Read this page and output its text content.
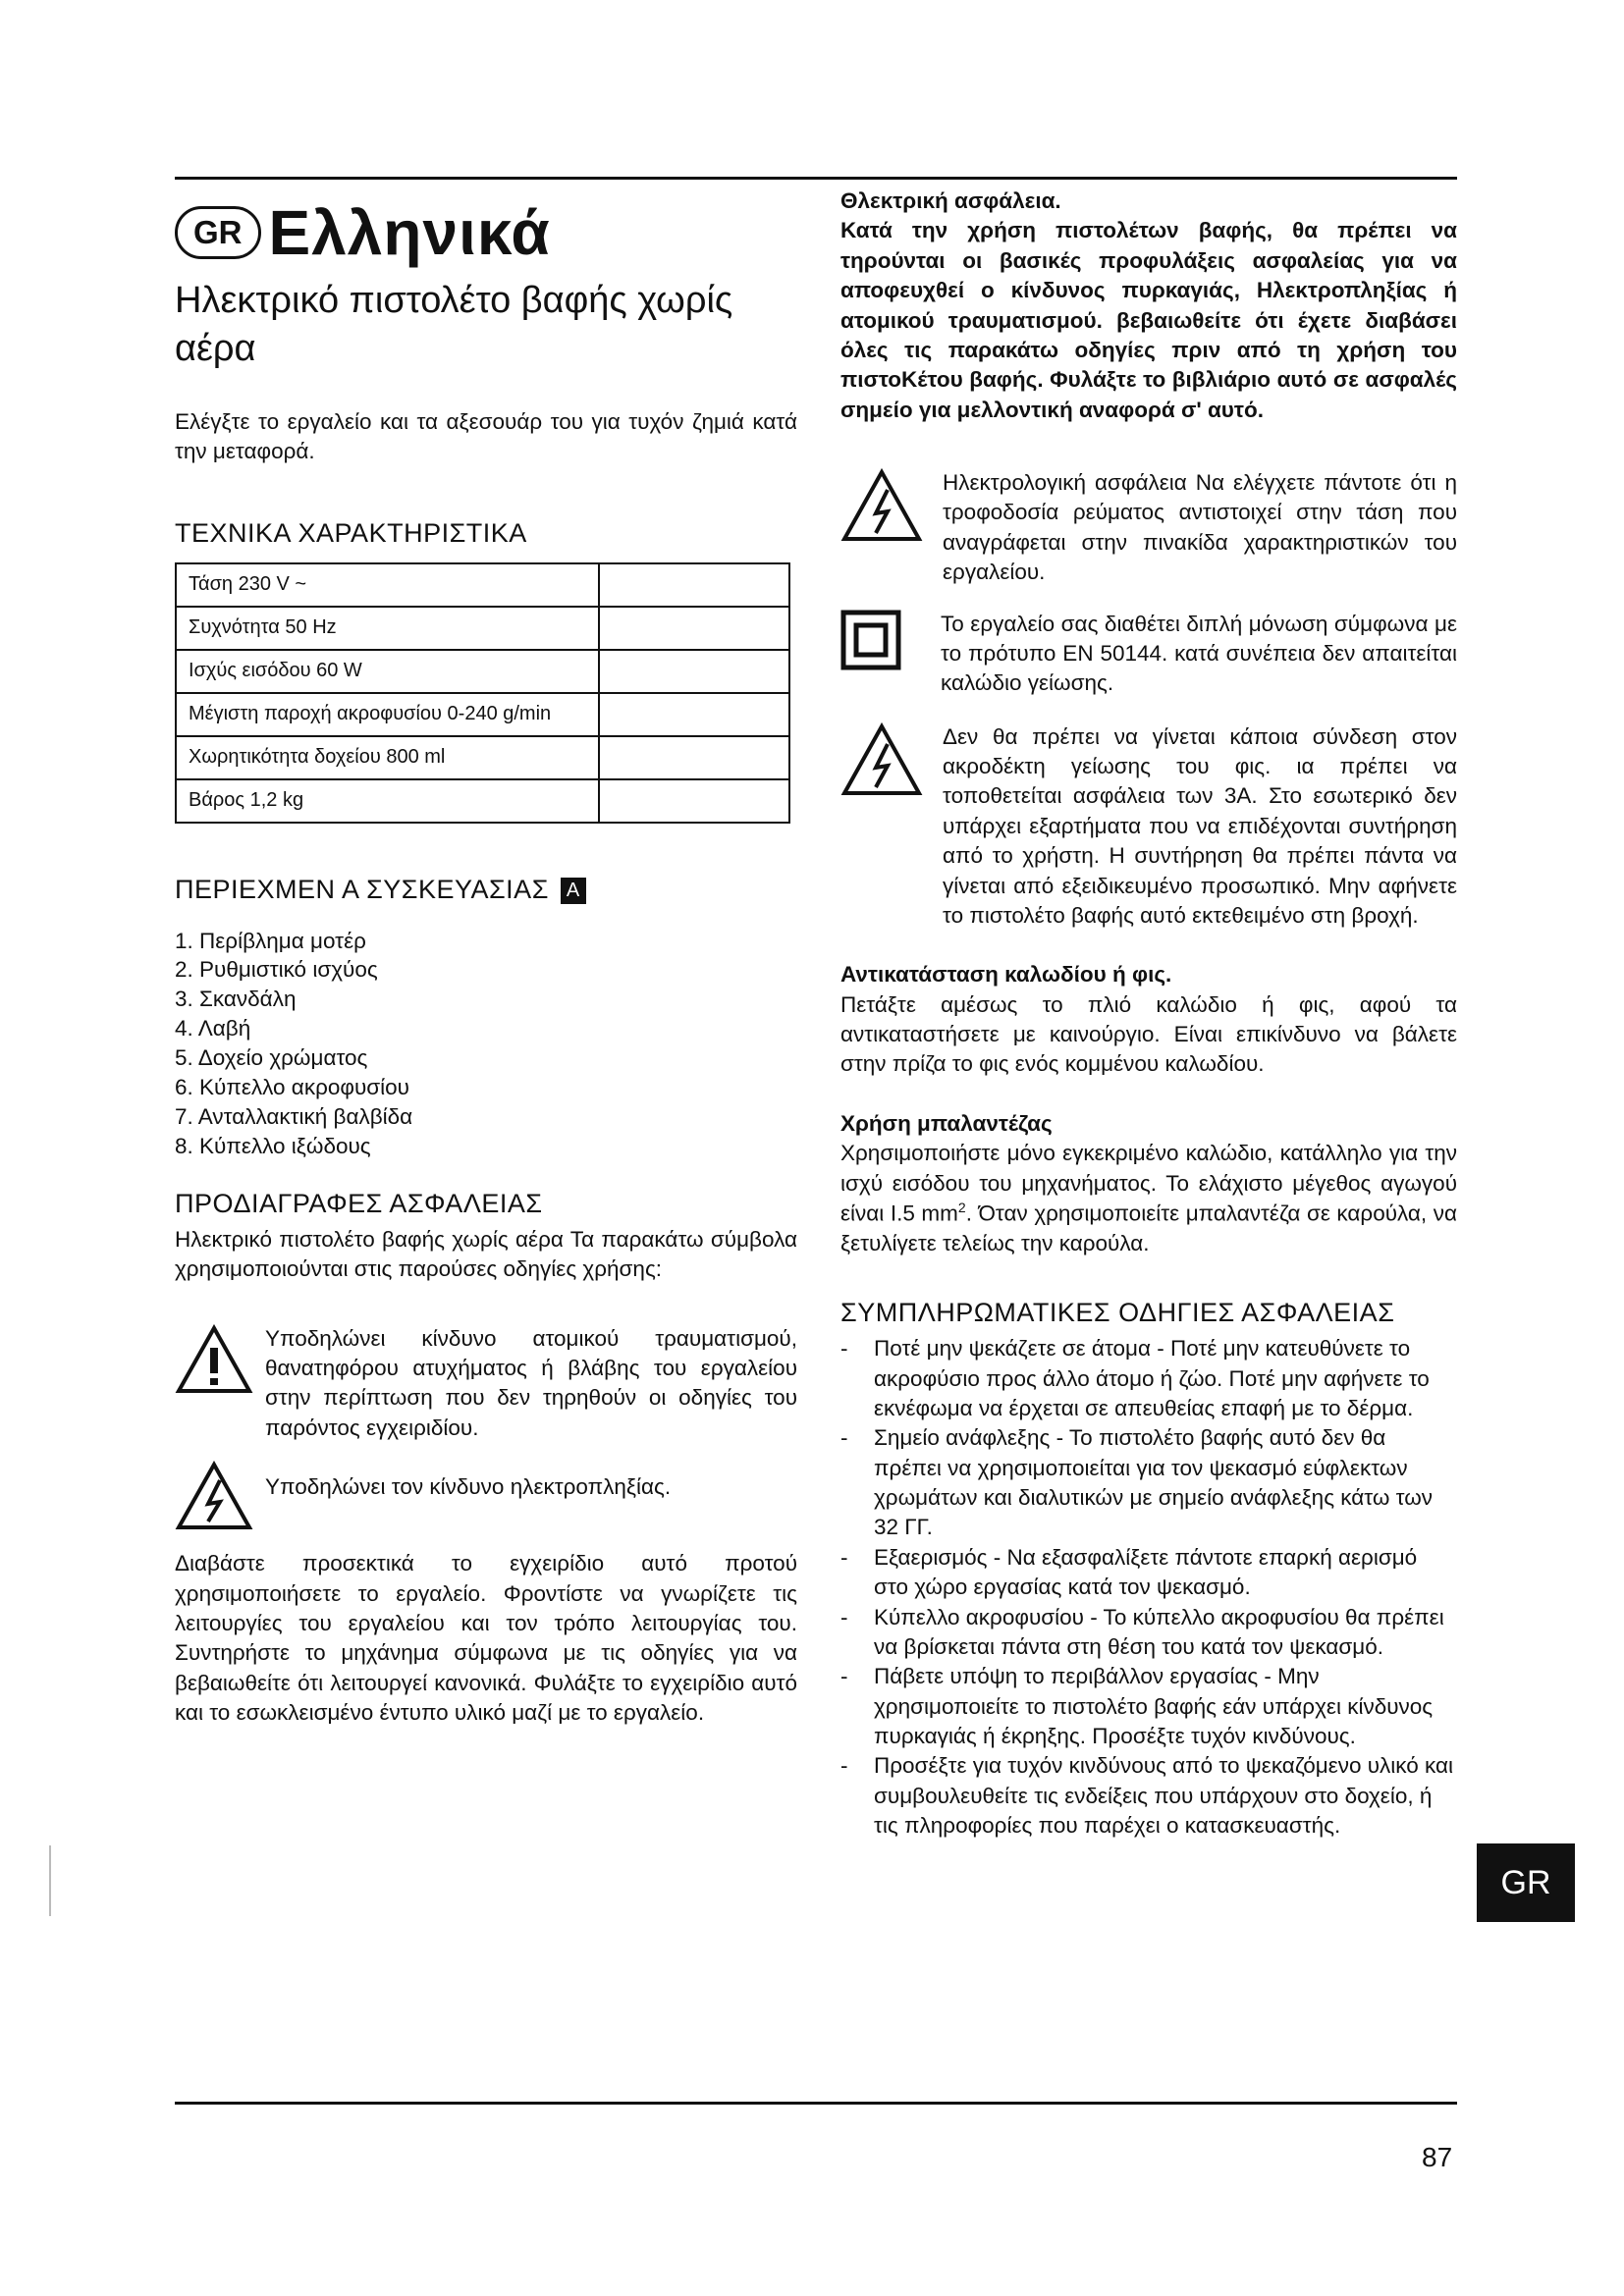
GR Ελληνικά
Ηλεκτρικό πιστολέτο βαφής χωρίς αέρα

Ελέγξτε το εργαλείο και τα αξεσουάρ του για τυχόν ζημιά κατά την μεταφορά.

ΤΕΧΝΙΚΑ ΧΑΡΑΚΤΗΡΙΣΤΙΚΑ
Τάση 230 V ~	
Συχνότητα 50 Hz	
Ισχύς εισόδου 60 W	
Μέγιστη παροχή ακροφυσίου 0-240 g/min	
Χωρητικότητα δοχείου 800 ml	
Βάρος 1,2 kg	
ΠΕΡΙΕΧΜΕΝ Α ΣΥΣΚΕΥΑΣΙΑΣ A
1. Περίβλημα μοτέρ
2. Ρυθμιστικό ισχύος
3. Σκανδάλη
4. Λαβή
5. Δοχείο χρώματος
6. Κύπελλο ακροφυσίου
7. Ανταλλακτική βαλβίδα
8. Κύπελλο ιξώδους
ΠΡΟΔΙΑΓΡΑΦΕΣ ΑΣΦΑΛΕΙΑΣ

Ηλεκτρικό πιστολέτο βαφής χωρίς αέρα Τα παρακάτω σύμβολα χρησιμοποιούνται στις παρούσες οδηγίες χρήσης:

Υποδηλώνει κίνδυνο ατομικού τραυματισμού, θανατηφόρου ατυχήματος ή βλάβης του εργαλείου στην περίπτωση που δεν τηρηθούν οι οδηγίες του παρόντος εγχειριδίου.

Υποδηλώνει τον κίνδυνο ηλεκτροπληξίας.

Διαβάστε προσεκτικά το εγχειρίδιο αυτό προτού χρησιμοποιήσετε το εργαλείο. Φροντίστε να γνωρίζετε τις λειτουργίες του εργαλείου και τον τρόπο λειτουργίας του. Συντηρήστε το μηχάνημα σύμφωνα με τις οδηγίες για να βεβαιωθείτε ότι λειτουργεί κανονικά. Φυλάξτε το εγχειρίδιο αυτό και το εσωκλεισμένο έντυπο υλικό μαζί με το εργαλείο.

Θλεκτρική ασφάλεια.

Κατά την χρήση πιστολέτων βαφής, θα πρέπει να τηρούνται οι βασικές προφυλάξεις ασφαλείας για να αποφευχθεί ο κίνδυνος πυρκαγιάς, Ηλεκτροπληξίας ή ατομικού τραυματισμού. βεβαιωθείτε ότι έχετε διαβάσει όλες τις παρακάτω οδηγίες πριν από τη χρήση του πιστοΚέτου βαφής. Φυλάξτε το βιβλιάριο αυτό σε ασφαλές σημείο για μελλοντική αναφορά σ' αυτό.

Ηλεκτρολογική ασφάλεια Να ελέγχετε πάντοτε ότι η τροφοδοσία ρεύματος αντιστοιχεί στην τάση που αναγράφεται στην πινακίδα χαρακτηριστικών του εργαλείου.

Το εργαλείο σας διαθέτει διπλή μόνωση σύμφωνα με το πρότυπο EN 50144. κατά συνέπεια δεν απαιτείται καλώδιο γείωσης.

Δεν θα πρέπει να γίνεται κάποια σύνδεση στον ακροδέκτη γείωσης του φις. ια πρέπει να τοποθετείται ασφάλεια των 3Α. Στο εσωτερικό δεν υπάρχει εξαρτήματα που να επιδέχονται συντήρηση από το χρήστη. Η συντήρηση θα πρέπει πάντα να γίνεται από εξειδικευμένο προσωπικό. Μην αφήνετε το πιστολέτο βαφής αυτό εκτεθειμένο στη βροχή.

Αντικατάσταση καλωδίου ή φις.

Πετάξτε αμέσως το πλιό καλώδιο ή φις, αφού τα αντικαταστήσετε με καινούργιο. Είναι επικίνδυνο να βάλετε στην πρίζα το φις ενός κομμένου καλωδίου.

Χρήση μπαλαντέζας

Χρησιμοποιήστε μόνο εγκεκριμένο καλώδιο, κατάλληλο για την ισχύ εισόδου του μηχανήματος. Το ελάχιστο μέγεθος αγωγού είναι I.5 $mm^2$. Όταν χρησιμοποιείτε μπαλαντέζα σε καρούλα, να ξετυλίγετε τελείως την καρούλα.

ΣΥΜΠΛΗΡΩΜΑΤΙΚΕΣ ΟΔΗΓΙΕΣ ΑΣΦΑΛΕΙΑΣ
- Ποτέ μην ψεκάζετε σε άτομα - Ποτέ μην κατευθύνετε το ακροφύσιο προς άλλο άτομο ή ζώο. Ποτέ μην αφήνετε το εκνέφωμα να έρχεται σε απευθείας επαφή με το δέρμα.
- Σημείο ανάφλεξης - Το πιστολέτο βαφής αυτό δεν θα πρέπει να χρησιμοποιείται για τον ψεκασμό εύφλεκτων χρωμάτων και διαλυτικών με σημείο ανάφλεξης κάτω των 32 ΓΓ.
- Εξαερισμός - Να εξασφαλίξετε πάντοτε επαρκή αερισμό στο χώρο εργασίας κατά τον ψεκασμό.
- Κύπελλο ακροφυσίου - Το κύπελλο ακροφυσίου θα πρέπει να βρίσκεται πάντα στη θέση του κατά τον ψεκασμό.
- Πάβετε υπόψη το περιβάλλον εργασίας - Μην χρησιμοποιείτε το πιστολέτο βαφής εάν υπάρχει κίνδυνος πυρκαγιάς ή έκρηξης. Προσέξτε τυχόν κινδύνους.
- Προσέξτε για τυχόν κινδύνους από το ψεκαζόμενο υλικό και συμβουλευθείτε τις ενδείξεις που υπάρχουν στο δοχείο, ή τις πληροφορίες που παρέχει ο κατασκευαστής.
GR
87
